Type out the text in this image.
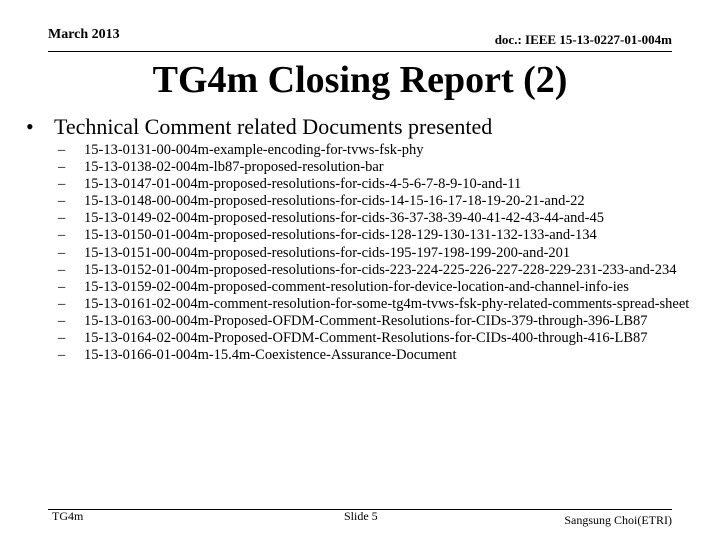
March 2013	doc.: IEEE 15-13-0227-01-004m
TG4m Closing Report (2)
• Technical Comment related Documents presented
– 15-13-0131-00-004m-example-encoding-for-tvws-fsk-phy
– 15-13-0138-02-004m-lb87-proposed-resolution-bar
– 15-13-0147-01-004m-proposed-resolutions-for-cids-4-5-6-7-8-9-10-and-11
– 15-13-0148-00-004m-proposed-resolutions-for-cids-14-15-16-17-18-19-20-21-and-22
– 15-13-0149-02-004m-proposed-resolutions-for-cids-36-37-38-39-40-41-42-43-44-and-45
– 15-13-0150-01-004m-proposed-resolutions-for-cids-128-129-130-131-132-133-and-134
– 15-13-0151-00-004m-proposed-resolutions-for-cids-195-197-198-199-200-and-201
– 15-13-0152-01-004m-proposed-resolutions-for-cids-223-224-225-226-227-228-229-231-233-and-234
– 15-13-0159-02-004m-proposed-comment-resolution-for-device-location-and-channel-info-ies
– 15-13-0161-02-004m-comment-resolution-for-some-tg4m-tvws-fsk-phy-related-comments-spread-sheet
– 15-13-0163-00-004m-Proposed-OFDM-Comment-Resolutions-for-CIDs-379-through-396-LB87
– 15-13-0164-02-004m-Proposed-OFDM-Comment-Resolutions-for-CIDs-400-through-416-LB87
– 15-13-0166-01-004m-15.4m-Coexistence-Assurance-Document
TG4m	Slide 5	Sangsung Choi(ETRI)
